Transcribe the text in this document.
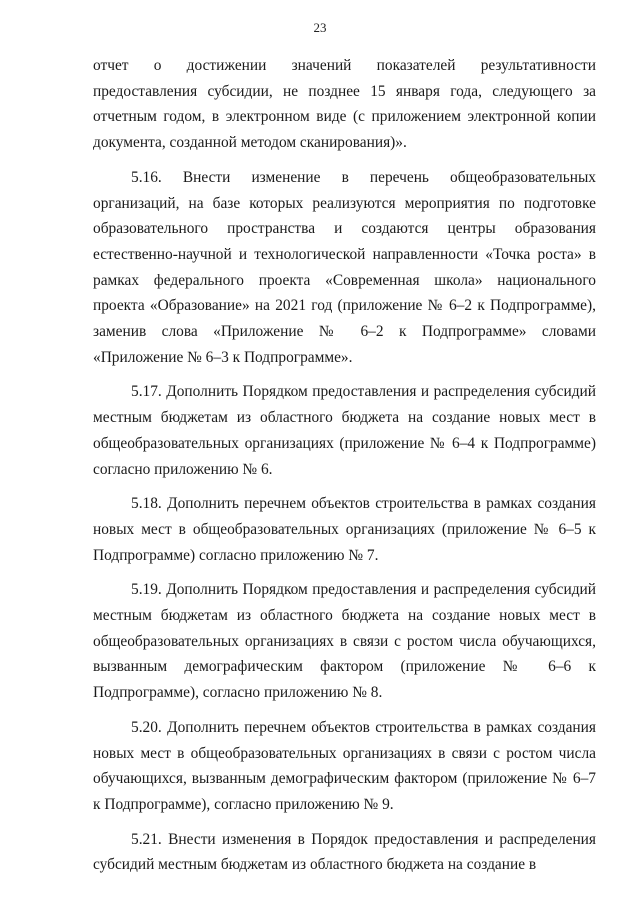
23

отчет о достижении значений показателей результативности предоставления субсидии, не позднее 15 января года, следующего за отчетным годом, в электронном виде (с приложением электронной копии документа, созданной методом сканирования)».

5.16. Внести изменение в перечень общеобразовательных организаций, на базе которых реализуются мероприятия по подготовке образовательного пространства и создаются центры образования естественно-научной и технологической направленности «Точка роста» в рамках федерального проекта «Современная школа» национального проекта «Образование» на 2021 год (приложение № 6–2 к Подпрограмме), заменив слова «Приложение № 6–2 к Подпрограмме» словами «Приложение № 6–3 к Подпрограмме».

5.17. Дополнить Порядком предоставления и распределения субсидий местным бюджетам из областного бюджета на создание новых мест в общеобразовательных организациях (приложение № 6–4 к Подпрограмме) согласно приложению № 6.

5.18. Дополнить перечнем объектов строительства в рамках создания новых мест в общеобразовательных организациях (приложение № 6–5 к Подпрограмме) согласно приложению № 7.

5.19. Дополнить Порядком предоставления и распределения субсидий местным бюджетам из областного бюджета на создание новых мест в общеобразовательных организациях в связи с ростом числа обучающихся, вызванным демографическим фактором (приложение № 6–6 к Подпрограмме), согласно приложению № 8.

5.20. Дополнить перечнем объектов строительства в рамках создания новых мест в общеобразовательных организациях в связи с ростом числа обучающихся, вызванным демографическим фактором (приложение № 6–7 к Подпрограмме), согласно приложению № 9.

5.21. Внести изменения в Порядок предоставления и распределения субсидий местным бюджетам из областного бюджета на создание в
